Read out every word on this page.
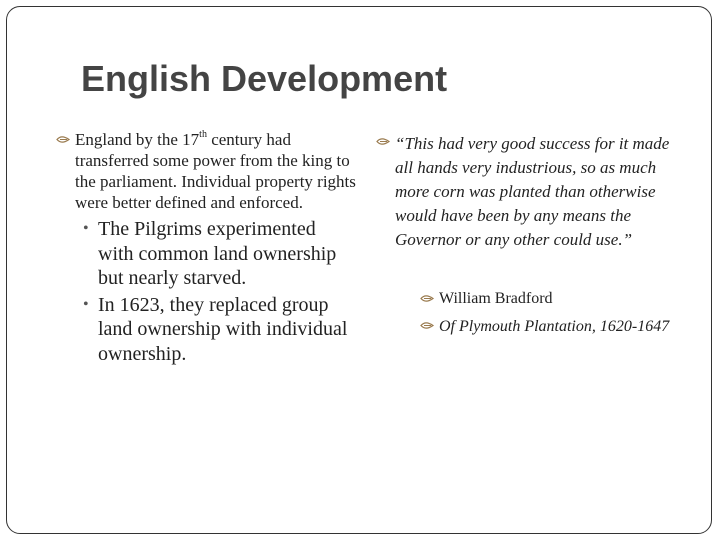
English Development
England by the 17th century had transferred some power from the king to the parliament. Individual property rights were better defined and enforced.
• The Pilgrims experimented with common land ownership but nearly starved.
• In 1623, they replaced group land ownership with individual ownership.
“This had very good success for it made all hands very industrious, so as much more corn was planted than otherwise would have been by any means the Governor or any other could use.”
William Bradford
Of Plymouth Plantation, 1620-1647
